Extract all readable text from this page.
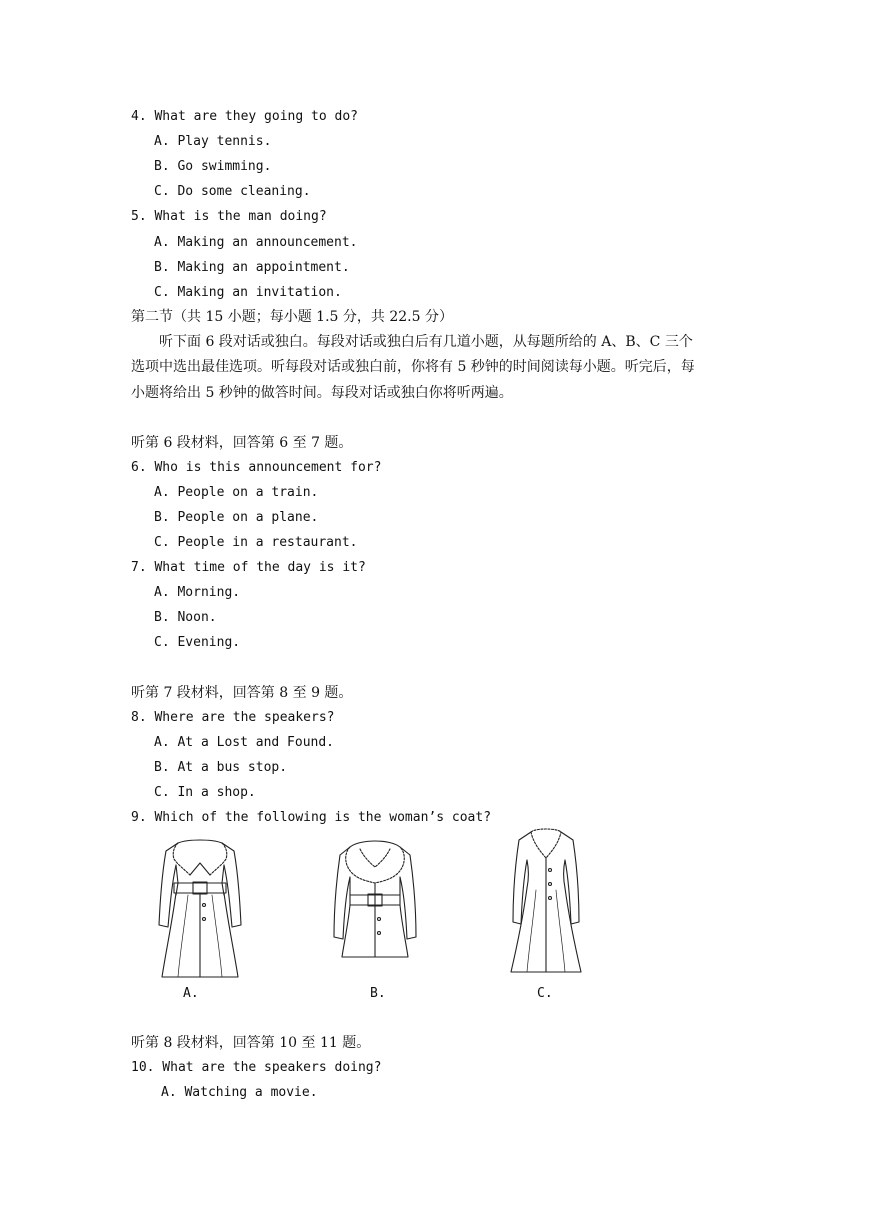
4. What are they going to do?
A. Play tennis.
B. Go swimming.
C. Do some cleaning.
5. What is the man doing?
A. Making an announcement.
B. Making an appointment.
C. Making an invitation.
第二节（共 15 小题；每小题 1.5 分，共 22.5 分）
听下面 6 段对话或独白。每段对话或独白后有几道小题，从每题所给的 A、B、C 三个
选项中选出最佳选项。听每段对话或独白前，你将有 5 秒钟的时间阅读每小题。听完后，每
小题将给出 5 秒钟的做答时间。每段对话或独白你将听两遍。
听第 6 段材料，回答第 6 至 7 题。
6. Who is this announcement for?
A. People on a train.
B. People on a plane.
C. People in a restaurant.
7. What time of the day is it?
A. Morning.
B. Noon.
C. Evening.
听第 7 段材料，回答第 8 至 9 题。
8. Where are the speakers?
A. At a Lost and Found.
B. At a bus stop.
C. In a shop.
9. Which of the following is the woman’s coat?
A.	B.	C.
听第 8 段材料，回答第 10 至 11 题。
10. What are the speakers doing?
A. Watching a movie.
